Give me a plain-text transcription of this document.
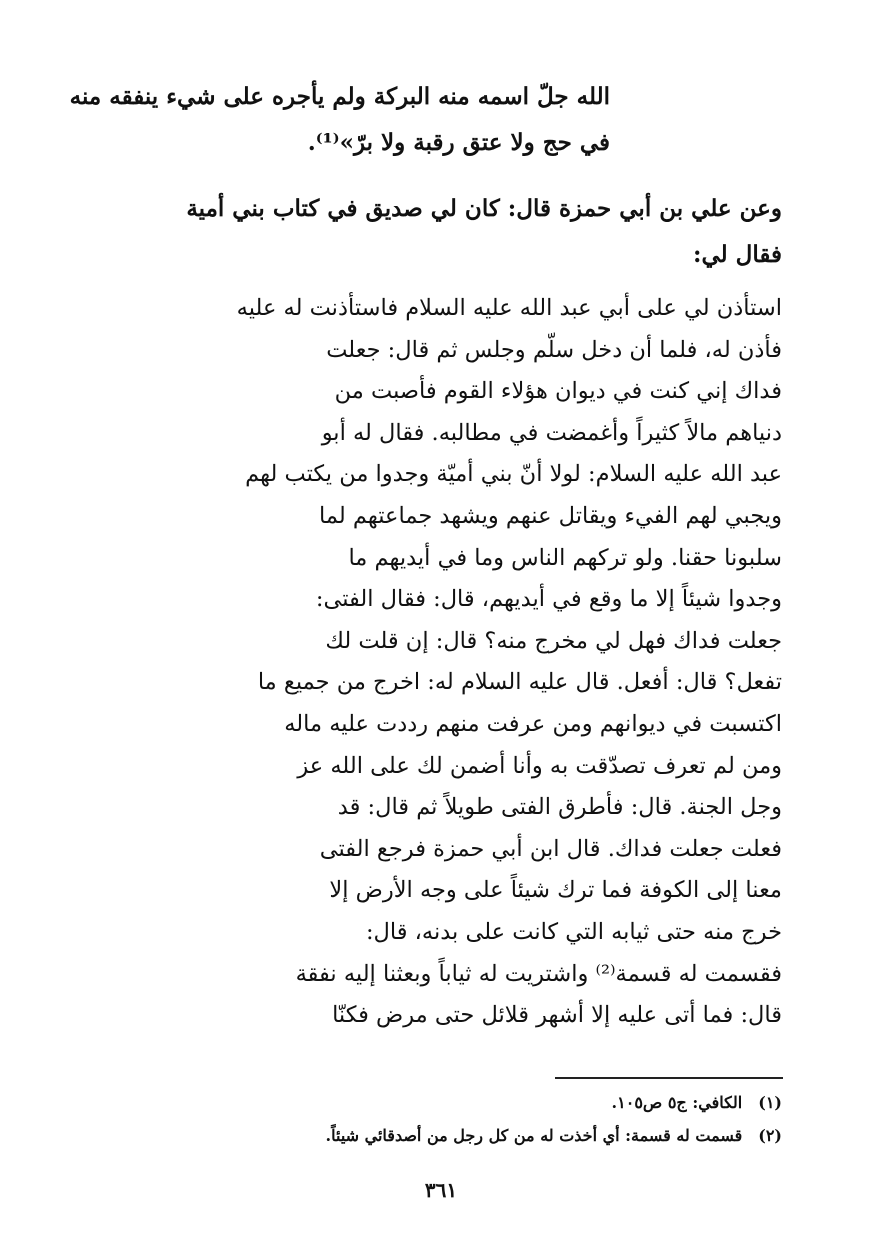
الله جلّ اسمه منه البركة ولم يأجره على شيء ينفقه منه
في حج ولا عتق رقبة ولا برّ»⁽¹⁾.
وعن علي بن أبي حمزة قال: كان لي صديق في كتاب بني أمية
فقال لي:
استأذن لي على أبي عبد الله عليه السلام فاستأذنت له عليه
فأذن له، فلما أن دخل سلّم وجلس ثم قال: جعلت
فداك إني كنت في ديوان هؤلاء القوم فأصبت من
دنياهم مالاً كثيراً وأغمضت في مطالبه. فقال له أبو
عبد الله عليه السلام: لولا أنّ بني أميّة وجدوا من يكتب لهم
ويجبي لهم الفيء ويقاتل عنهم ويشهد جماعتهم لما
سلبونا حقنا. ولو تركهم الناس وما في أيديهم ما
وجدوا شيئاً إلا ما وقع في أيديهم، قال: فقال الفتى:
جعلت فداك فهل لي مخرج منه؟ قال: إن قلت لك
تفعل؟ قال: أفعل. قال عليه السلام له: اخرج من جميع ما
اكتسبت في ديوانهم ومن عرفت منهم رددت عليه ماله
ومن لم تعرف تصدّقت به وأنا أضمن لك على الله عز
وجل الجنة. قال: فأطرق الفتى طويلاً ثم قال: قد
فعلت جعلت فداك. قال ابن أبي حمزة فرجع الفتى
معنا إلى الكوفة فما ترك شيئاً على وجه الأرض إلا
خرج منه حتى ثيابه التي كانت على بدنه، قال:
فقسمت له قسمة⁽²⁾ واشتريت له ثياباً وبعثنا إليه نفقة
قال: فما أتى عليه إلا أشهر قلائل حتى مرض فكنّا
(١)الكافي: ج٥ ص١٠٥.
(٢)قسمت له قسمة: أي أخذت له من كل رجل من أصدقائي شيئاً.
٣٦١
